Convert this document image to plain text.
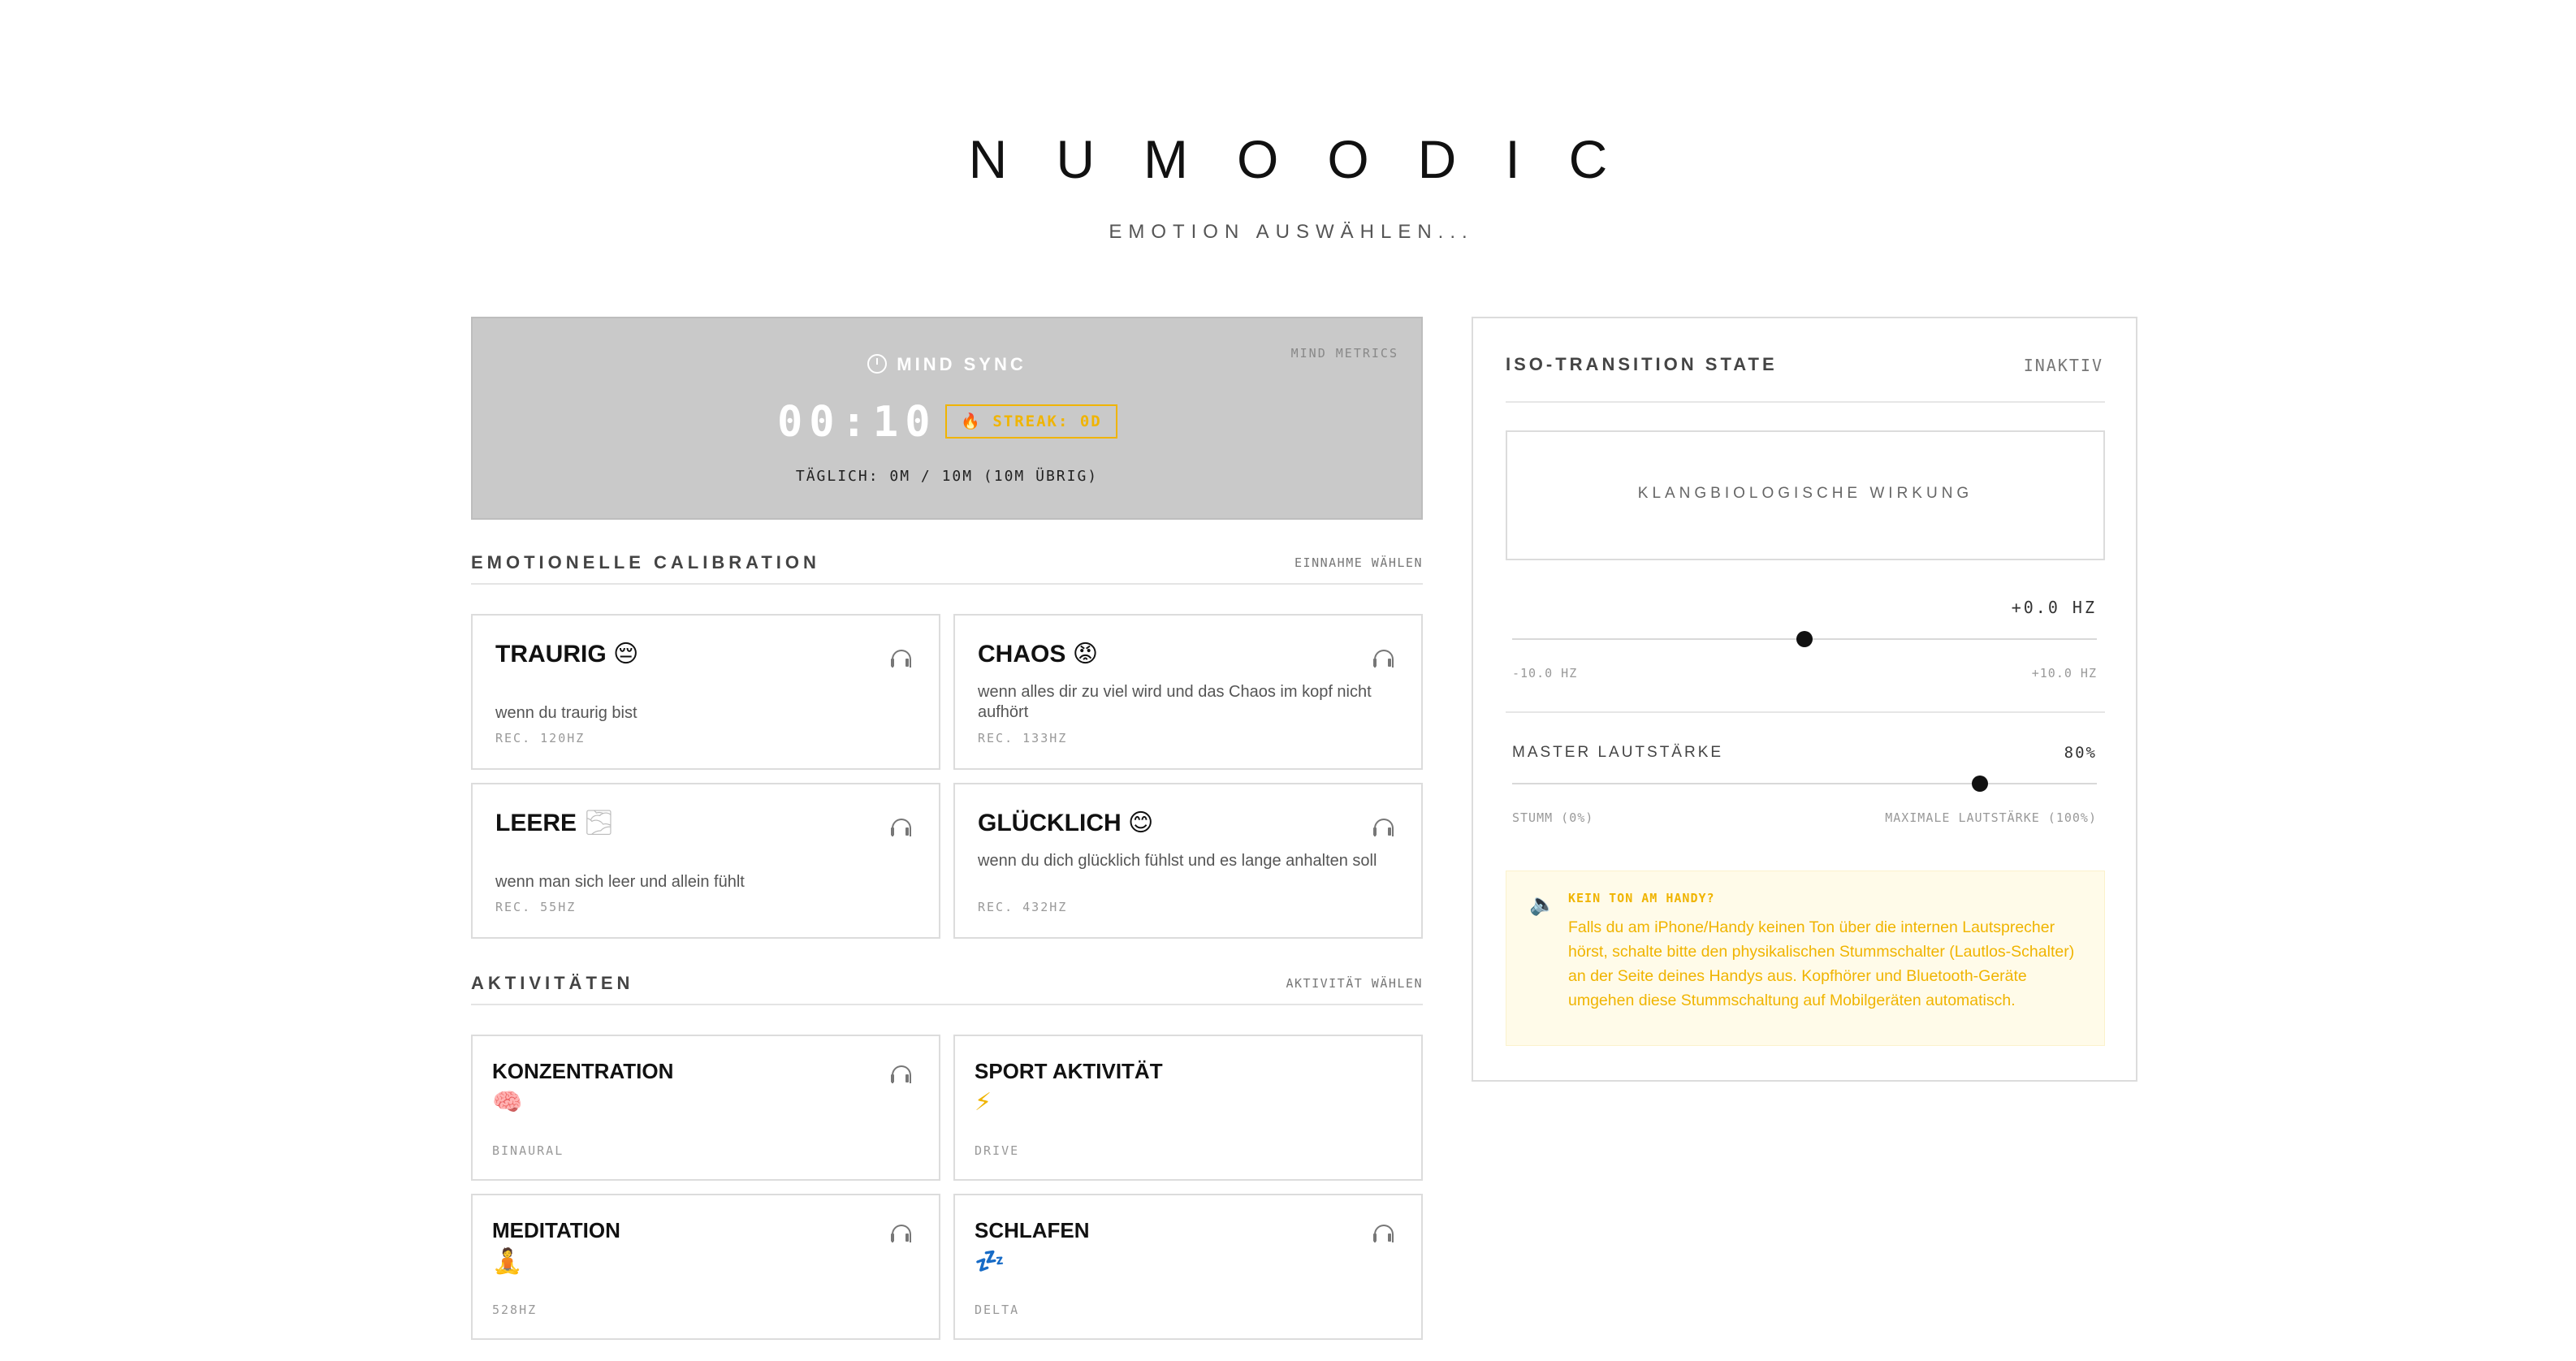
NUMOODIC
EMOTION AUSWÄHLEN...
MIND SYNC
MIND METRICS
00:10	🔥 STREAK: 0D
TÄGLICH: 0M / 10M (10M ÜBRIG)
EMOTIONELLE CALIBRATION	EINNAHME WÄHLEN
TRAURIG 😔
wenn du traurig bist
REC. 120HZ
CHAOS 😡
wenn alles dir zu viel wird und das Chaos im kopf nicht aufhört
REC. 133HZ
LEERE 🌫
wenn man sich leer und allein fühlt
REC. 55HZ
GLÜCKLICH 😊
wenn du dich glücklich fühlst und es lange anhalten soll
REC. 432HZ
AKTIVITÄTEN	AKTIVITÄT WÄHLEN
KONZENTRATION
🧠
BINAURAL
SPORT AKTIVITÄT
⚡
DRIVE
MEDITATION
🧘
528HZ
SCHLAFEN
💤
DELTA
ISO-TRANSITION STATE	INAKTIV
KLANGBIOLOGISCHE WIRKUNG
+0.0 HZ
-10.0 HZ	+10.0 HZ
MASTER LAUTSTÄRKE	80%
STUMM (0%)	MAXIMALE LAUTSTÄRKE (100%)
🔈 KEIN TON AM HANDY?
Falls du am iPhone/Handy keinen Ton über die internen Lautsprecher hörst, schalte bitte den physikalischen Stummschalter (Lautlos-Schalter) an der Seite deines Handys aus. Kopfhörer und Bluetooth-Geräte umgehen diese Stummschaltung auf Mobilgeräten automatisch.
